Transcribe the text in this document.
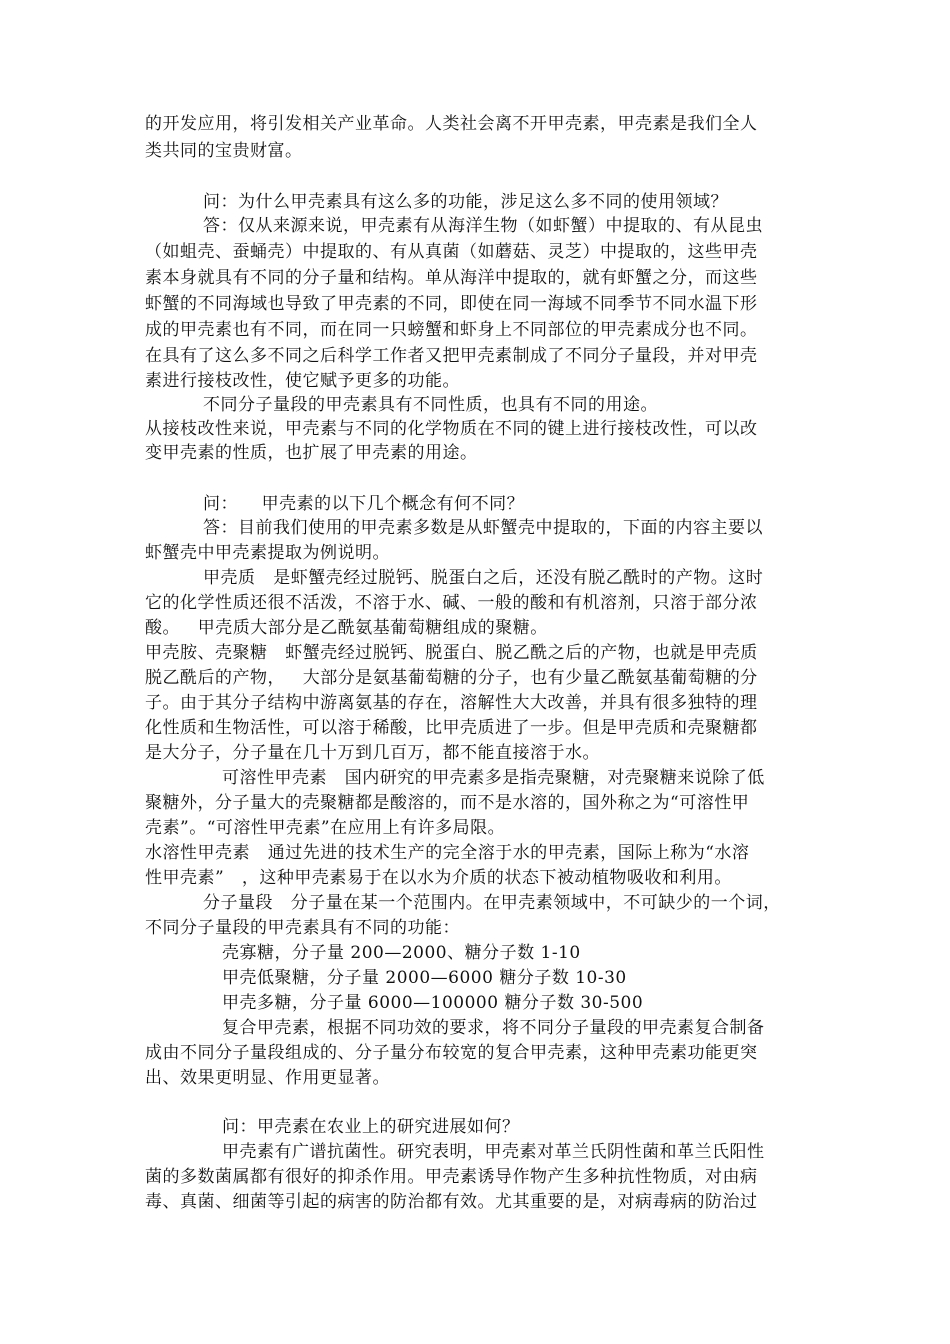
的开发应用，将引发相关产业革命。人类社会离不开甲壳素，甲壳素是我们全人
类共同的宝贵财富。
问：为什么甲壳素具有这么多的功能，涉足这么多不同的使用领域？
答：仅从来源来说，甲壳素有从海洋生物（如虾蟹）中提取的、有从昆虫
（如蛆壳、蚕蛹壳）中提取的、有从真菌（如蘑菇、灵芝）中提取的，这些甲壳
素本身就具有不同的分子量和结构。单从海洋中提取的，就有虾蟹之分，而这些
虾蟹的不同海域也导致了甲壳素的不同，即使在同一海域不同季节不同水温下形
成的甲壳素也有不同，而在同一只螃蟹和虾身上不同部位的甲壳素成分也不同。
在具有了这么多不同之后科学工作者又把甲壳素制成了不同分子量段，并对甲壳
素进行接枝改性，使它赋予更多的功能。
不同分子量段的甲壳素具有不同性质，也具有不同的用途。
从接枝改性来说，甲壳素与不同的化学物质在不同的键上进行接枝改性，可以改
变甲壳素的性质，也扩展了甲壳素的用途。
问：    甲壳素的以下几个概念有何不同？
答：目前我们使用的甲壳素多数是从虾蟹壳中提取的，下面的内容主要以
虾蟹壳中甲壳素提取为例说明。
甲壳质   是虾蟹壳经过脱钙、脱蛋白之后，还没有脱乙酰时的产物。这时
它的化学性质还很不活泼，不溶于水、碱、一般的酸和有机溶剂，只溶于部分浓
酸。   甲壳质大部分是乙酰氨基葡萄糖组成的聚糖。
甲壳胺、壳聚糖   虾蟹壳经过脱钙、脱蛋白、脱乙酰之后的产物，也就是甲壳质
脱乙酰后的产物，   大部分是氨基葡萄糖的分子，也有少量乙酰氨基葡萄糖的分
子。由于其分子结构中游离氨基的存在，溶解性大大改善，并具有很多独特的理
化性质和生物活性，可以溶于稀酸，比甲壳质进了一步。但是甲壳质和壳聚糖都
是大分子，分子量在几十万到几百万，都不能直接溶于水。
可溶性甲壳素   国内研究的甲壳素多是指壳聚糖，对壳聚糖来说除了低
聚糖外，分子量大的壳聚糖都是酸溶的，而不是水溶的，国外称之为“可溶性甲
壳素”。“可溶性甲壳素”在应用上有许多局限。
水溶性甲壳素   通过先进的技术生产的完全溶于水的甲壳素，国际上称为“水溶
性甲壳素”   ，这种甲壳素易于在以水为介质的状态下被动植物吸收和利用。
分子量段   分子量在某一个范围内。在甲壳素领域中，不可缺少的一个词，
不同分子量段的甲壳素具有不同的功能：
壳寡糖，分子量 200—2000、糖分子数 1-10
甲壳低聚糖，分子量 2000—6000 糖分子数 10-30
甲壳多糖，分子量 6000—100000 糖分子数 30-500
复合甲壳素，根据不同功效的要求，将不同分子量段的甲壳素复合制备
成由不同分子量段组成的、分子量分布较宽的复合甲壳素，这种甲壳素功能更突
出、效果更明显、作用更显著。
问：甲壳素在农业上的研究进展如何？
甲壳素有广谱抗菌性。研究表明，甲壳素对革兰氏阴性菌和革兰氏阳性
菌的多数菌属都有很好的抑杀作用。甲壳素诱导作物产生多种抗性物质，对由病
毒、真菌、细菌等引起的病害的防治都有效。尤其重要的是，对病毒病的防治过
